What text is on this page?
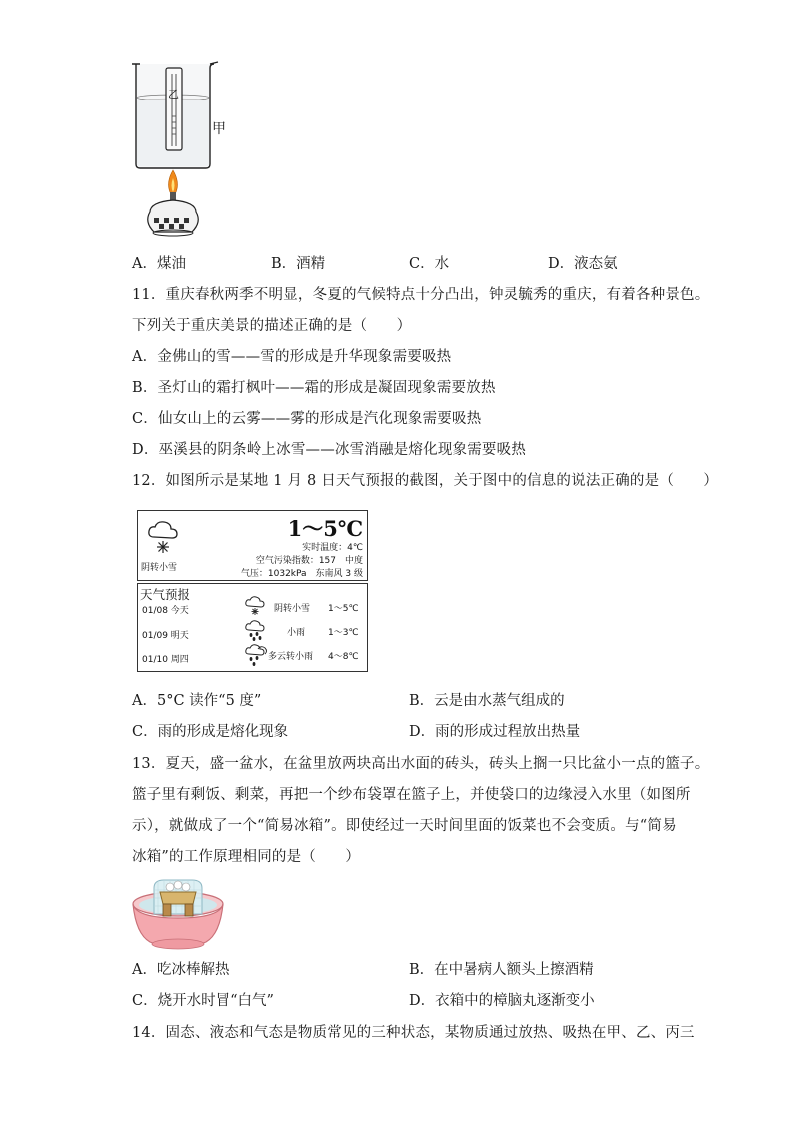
乙
甲
A．煤油	B．酒精	C．水	D．液态氨
11．重庆春秋两季不明显，冬夏的气候特点十分凸出，钟灵毓秀的重庆，有着各种景色。
下列关于重庆美景的描述正确的是（　　）
A．金佛山的雪——雪的形成是升华现象需要吸热
B．圣灯山的霜打枫叶——霜的形成是凝固现象需要放热
C．仙女山上的云雾——雾的形成是汽化现象需要吸热
D．巫溪县的阴条岭上冰雪——冰雪消融是熔化现象需要吸热
12．如图所示是某地 1 月 8 日天气预报的截图，关于图中的信息的说法正确的是（　　）
阴转小雪
1～5℃
实时温度：4℃
空气污染指数：157　中度
气压：1032kPa　东南风 3 级
天气预报
01/08 今天	阴转小雪 1～5℃
01/09 明天	小雨	1～3℃
01/10 周四	多云转小雨 4～8℃
A．5°C 读作“5 度”	B．云是由水蒸气组成的
C．雨的形成是熔化现象	D．雨的形成过程放出热量
13．夏天，盛一盆水，在盆里放两块高出水面的砖头，砖头上搁一只比盆小一点的篮子。
篮子里有剩饭、剩菜，再把一个纱布袋罩在篮子上，并使袋口的边缘浸入水里（如图所
示），就做成了一个“简易冰箱”。即使经过一天时间里面的饭菜也不会变质。与“简易
冰箱”的工作原理相同的是（　　）
A．吃冰棒解热	B．在中暑病人额头上擦酒精
C．烧开水时冒“白气”	D．衣箱中的樟脑丸逐渐变小
14．固态、液态和气态是物质常见的三种状态，某物质通过放热、吸热在甲、乙、丙三
